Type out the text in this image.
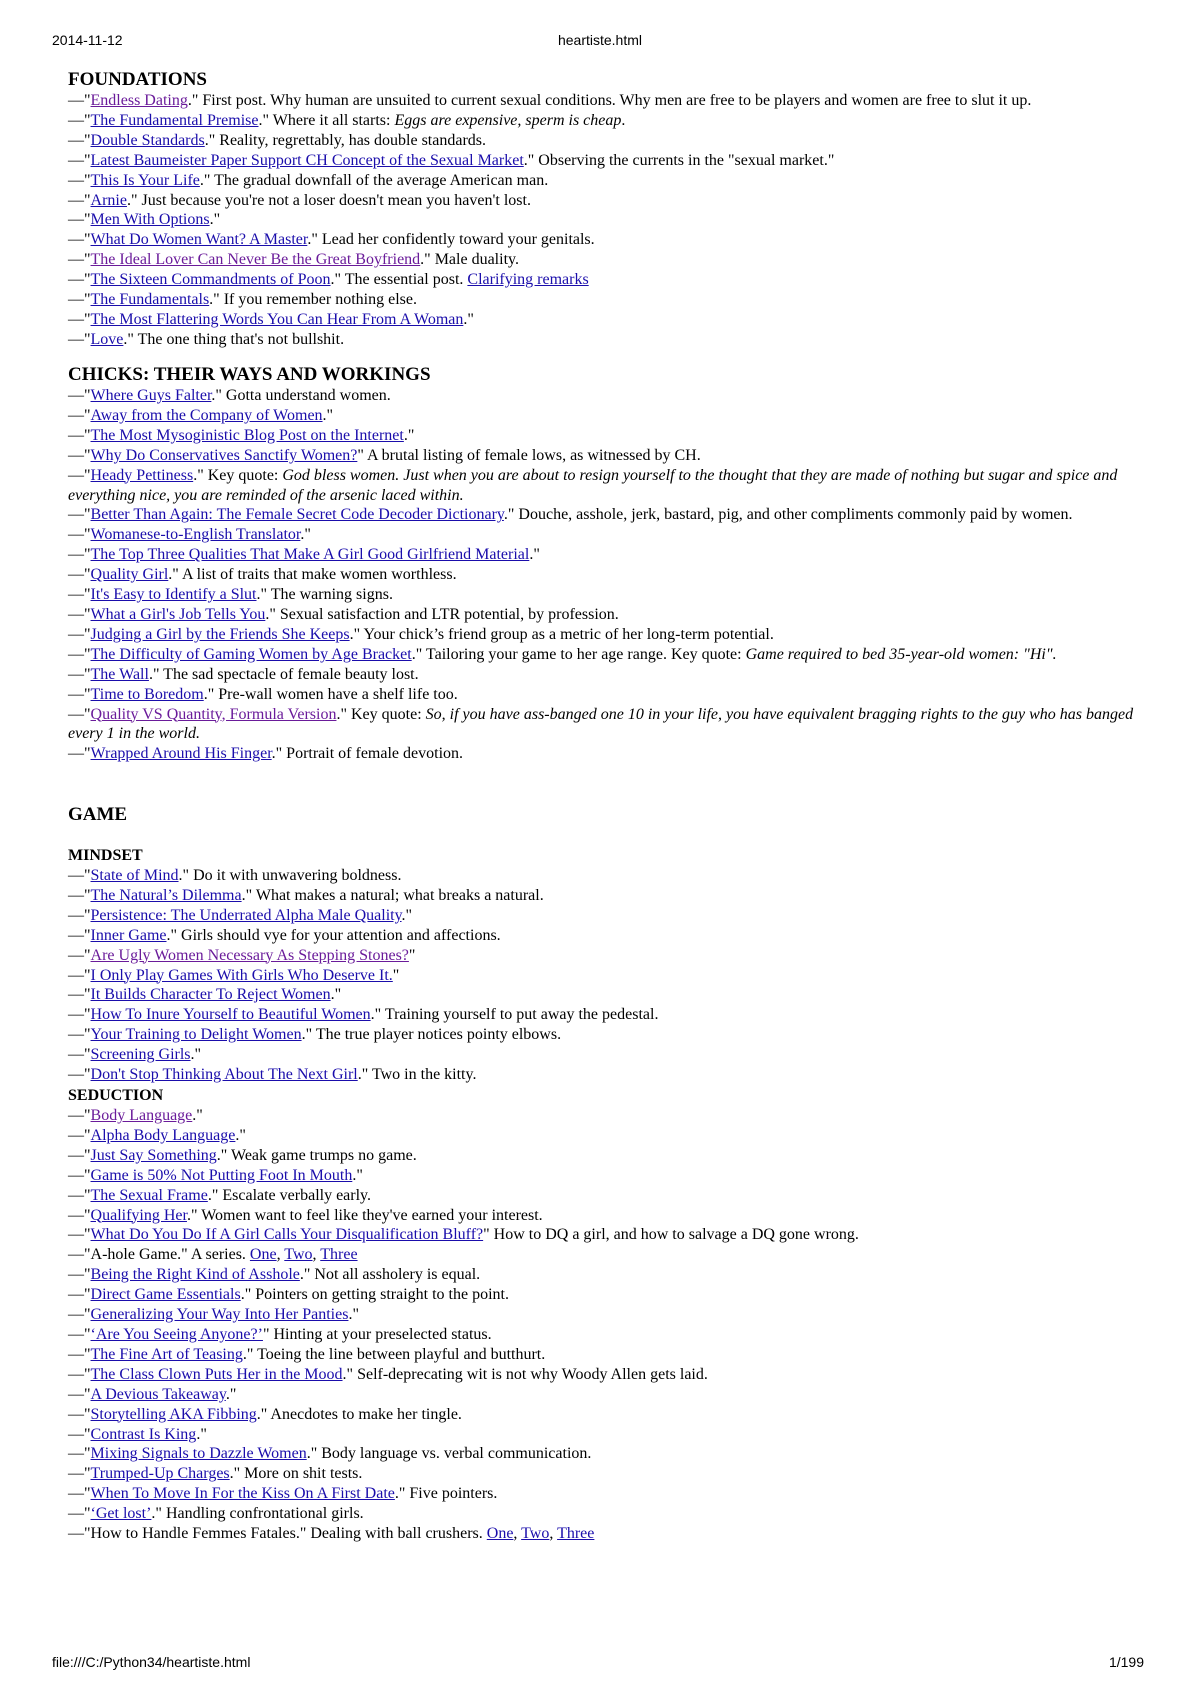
2014-11-12	heartiste.html
FOUNDATIONS
—"Endless Dating." First post. Why human are unsuited to current sexual conditions. Why men are free to be players and women are free to slut it up.
—"The Fundamental Premise." Where it all starts: Eggs are expensive, sperm is cheap.
—"Double Standards." Reality, regrettably, has double standards.
—"Latest Baumeister Paper Support CH Concept of the Sexual Market." Observing the currents in the "sexual market."
—"This Is Your Life." The gradual downfall of the average American man.
—"Arnie." Just because you're not a loser doesn't mean you haven't lost.
—"Men With Options."
—"What Do Women Want? A Master." Lead her confidently toward your genitals.
—"The Ideal Lover Can Never Be the Great Boyfriend." Male duality.
—"The Sixteen Commandments of Poon." The essential post. Clarifying remarks
—"The Fundamentals." If you remember nothing else.
—"The Most Flattering Words You Can Hear From A Woman."
—"Love." The one thing that's not bullshit.
CHICKS: THEIR WAYS AND WORKINGS
—"Where Guys Falter." Gotta understand women.
—"Away from the Company of Women."
—"The Most Mysoginistic Blog Post on the Internet."
—"Why Do Conservatives Sanctify Women?" A brutal listing of female lows, as witnessed by CH.
—"Heady Pettiness." Key quote: God bless women. Just when you are about to resign yourself to the thought that they are made of nothing but sugar and spice and everything nice, you are reminded of the arsenic laced within.
—"Better Than Again: The Female Secret Code Decoder Dictionary." Douche, asshole, jerk, bastard, pig, and other compliments commonly paid by women.
—"Womanese-to-English Translator."
—"The Top Three Qualities That Make A Girl Good Girlfriend Material."
—"Quality Girl." A list of traits that make women worthless.
—"It's Easy to Identify a Slut." The warning signs.
—"What a Girl's Job Tells You." Sexual satisfaction and LTR potential, by profession.
—"Judging a Girl by the Friends She Keeps." Your chick’s friend group as a metric of her long-term potential.
—"The Difficulty of Gaming Women by Age Bracket." Tailoring your game to her age range. Key quote: Game required to bed 35-year-old women: "Hi".
—"The Wall." The sad spectacle of female beauty lost.
—"Time to Boredom." Pre-wall women have a shelf life too.
—"Quality VS Quantity, Formula Version." Key quote: So, if you have ass-banged one 10 in your life, you have equivalent bragging rights to the guy who has banged every 1 in the world.
—"Wrapped Around His Finger." Portrait of female devotion.
GAME
MINDSET
—"State of Mind." Do it with unwavering boldness.
—"The Natural’s Dilemma." What makes a natural; what breaks a natural.
—"Persistence: The Underrated Alpha Male Quality."
—"Inner Game." Girls should vye for your attention and affections.
—"Are Ugly Women Necessary As Stepping Stones?"
—"I Only Play Games With Girls Who Deserve It."
—"It Builds Character To Reject Women."
—"How To Inure Yourself to Beautiful Women." Training yourself to put away the pedestal.
—"Your Training to Delight Women." The true player notices pointy elbows.
—"Screening Girls."
—"Don't Stop Thinking About The Next Girl." Two in the kitty.
SEDUCTION
—"Body Language."
—"Alpha Body Language."
—"Just Say Something." Weak game trumps no game.
—"Game is 50% Not Putting Foot In Mouth."
—"The Sexual Frame." Escalate verbally early.
—"Qualifying Her." Women want to feel like they've earned your interest.
—"What Do You Do If A Girl Calls Your Disqualification Bluff?" How to DQ a girl, and how to salvage a DQ gone wrong.
—"A-hole Game." A series. One, Two, Three
—"Being the Right Kind of Asshole." Not all assholery is equal.
—"Direct Game Essentials." Pointers on getting straight to the point.
—"Generalizing Your Way Into Her Panties."
—"‘Are You Seeing Anyone?’" Hinting at your preselected status.
—"The Fine Art of Teasing." Toeing the line between playful and butthurt.
—"The Class Clown Puts Her in the Mood." Self-deprecating wit is not why Woody Allen gets laid.
—"A Devious Takeaway."
—"Storytelling AKA Fibbing." Anecdotes to make her tingle.
—"Contrast Is King."
—"Mixing Signals to Dazzle Women." Body language vs. verbal communication.
—"Trumped-Up Charges." More on shit tests.
—"When To Move In For the Kiss On A First Date." Five pointers.
—"‘Get lost’." Handling confrontational girls.
—"How to Handle Femmes Fatales." Dealing with ball crushers. One, Two, Three
file:///C:/Python34/heartiste.html	1/199
